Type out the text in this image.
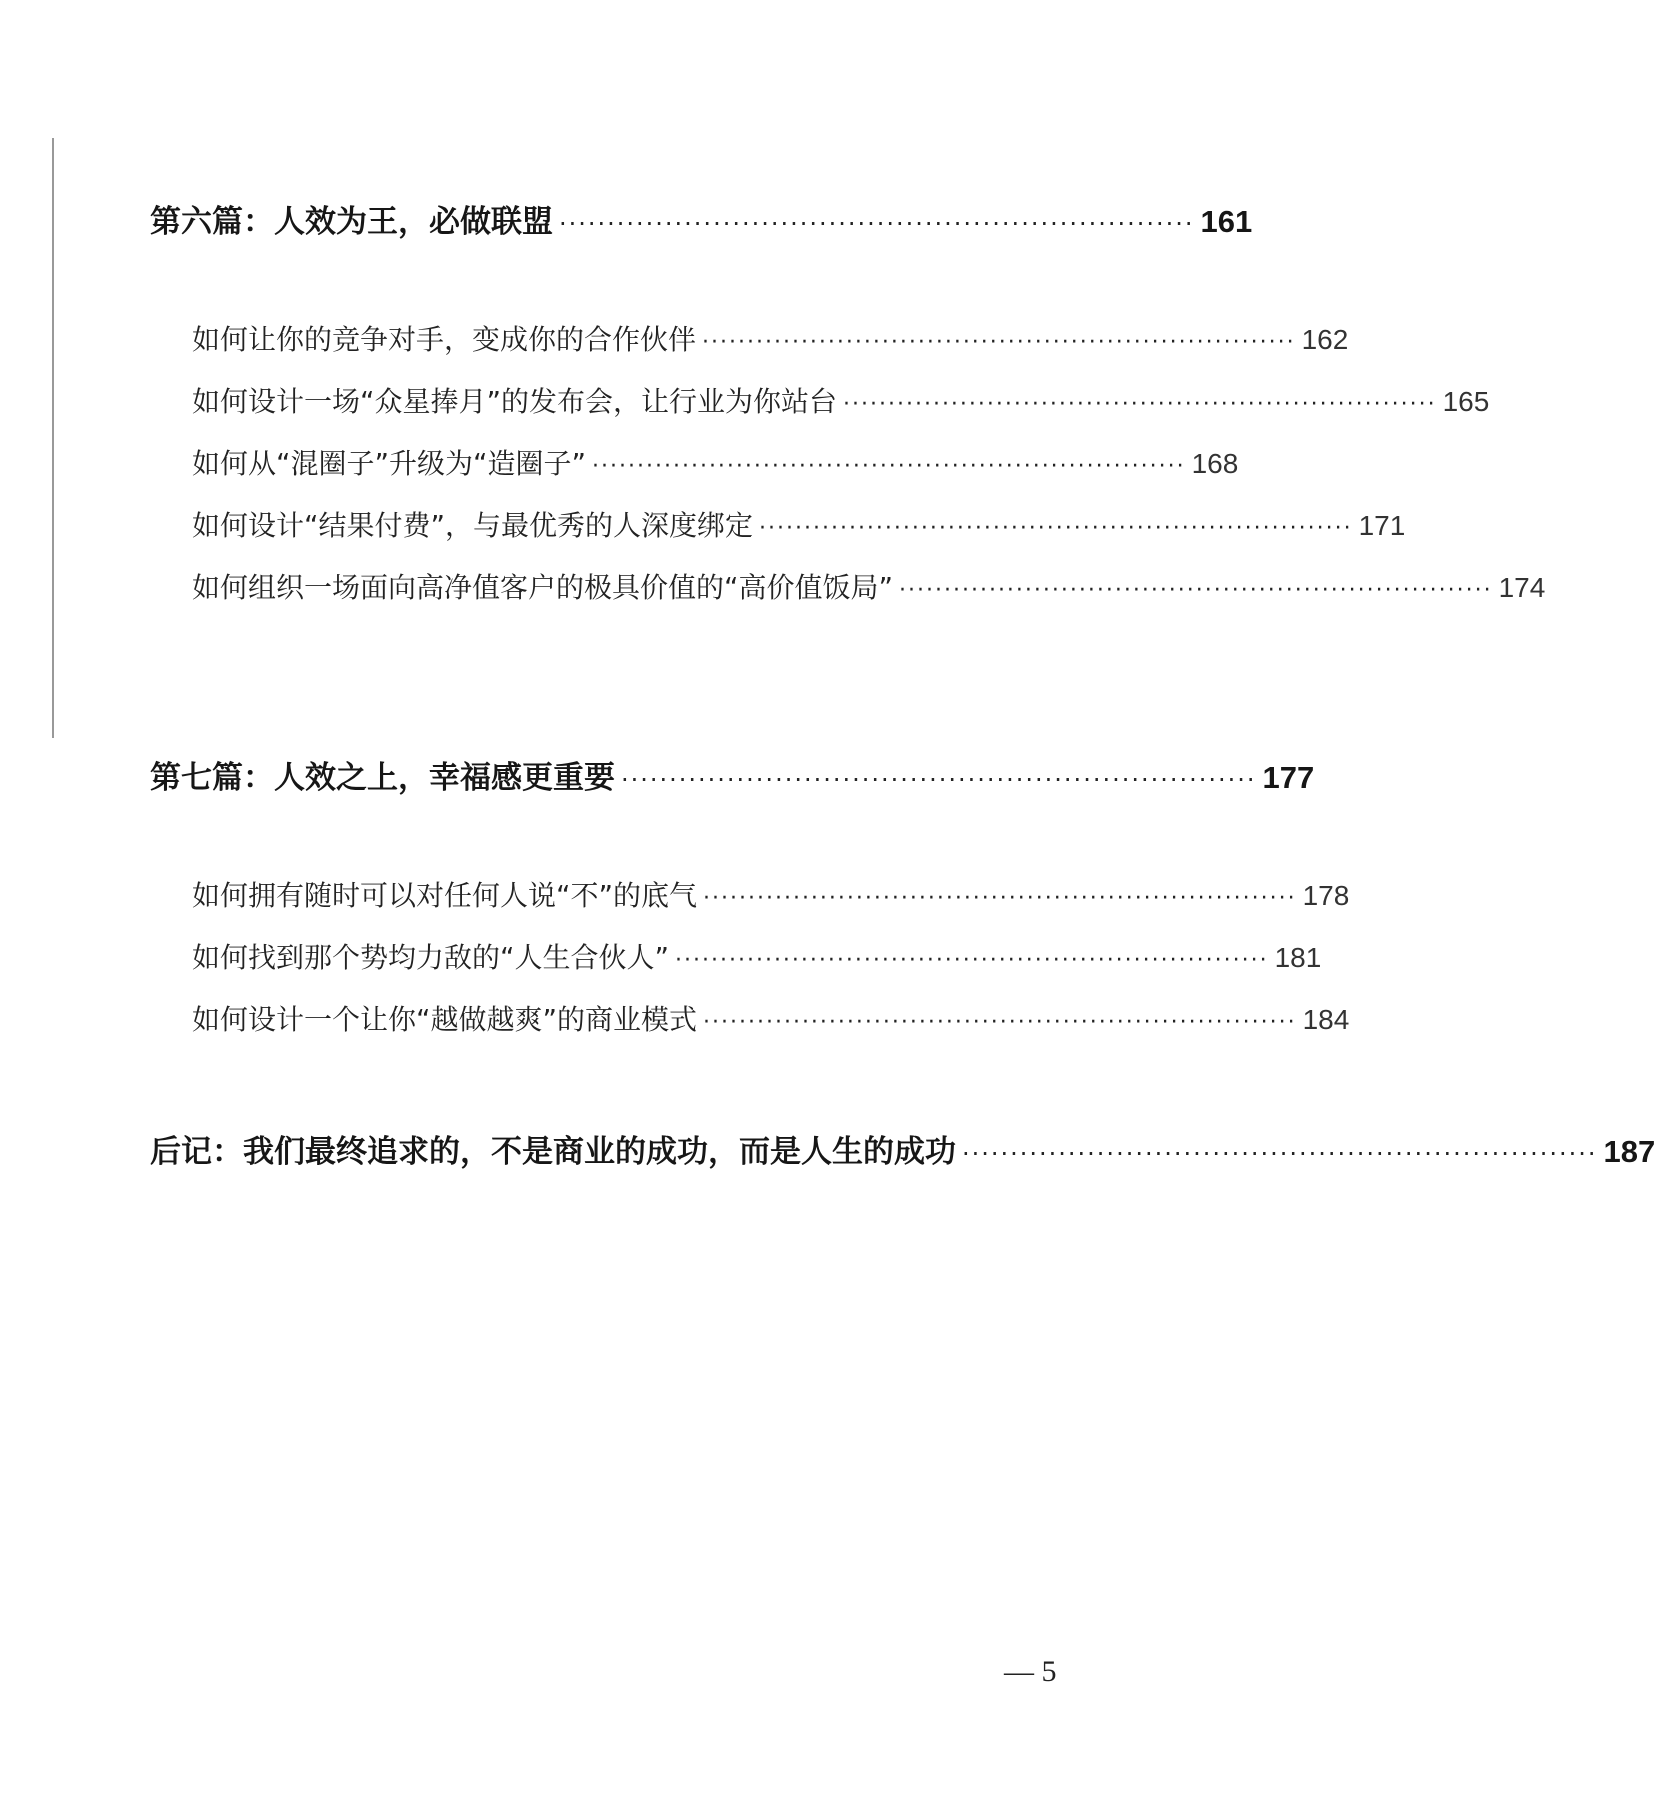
第六篇：人效为王，必做联盟 ·································································· 161
如何让你的竞争对手，变成你的合作伙伴 ·································································· 162
如何设计一场“众星捧月”的发布会，让行业为你站台 ·································································· 165
如何从“混圈子”升级为“造圈子” ·································································· 168
如何设计“结果付费”，与最优秀的人深度绑定 ·································································· 171
如何组织一场面向高净值客户的极具价值的“高价值饭局” ·································································· 174
第七篇：人效之上，幸福感更重要 ·································································· 177
如何拥有随时可以对任何人说“不”的底气 ·································································· 178
如何找到那个势均力敌的“人生合伙人” ·································································· 181
如何设计一个让你“越做越爽”的商业模式 ·································································· 184
后记：我们最终追求的，不是商业的成功，而是人生的成功 ·································································· 187
— 5
